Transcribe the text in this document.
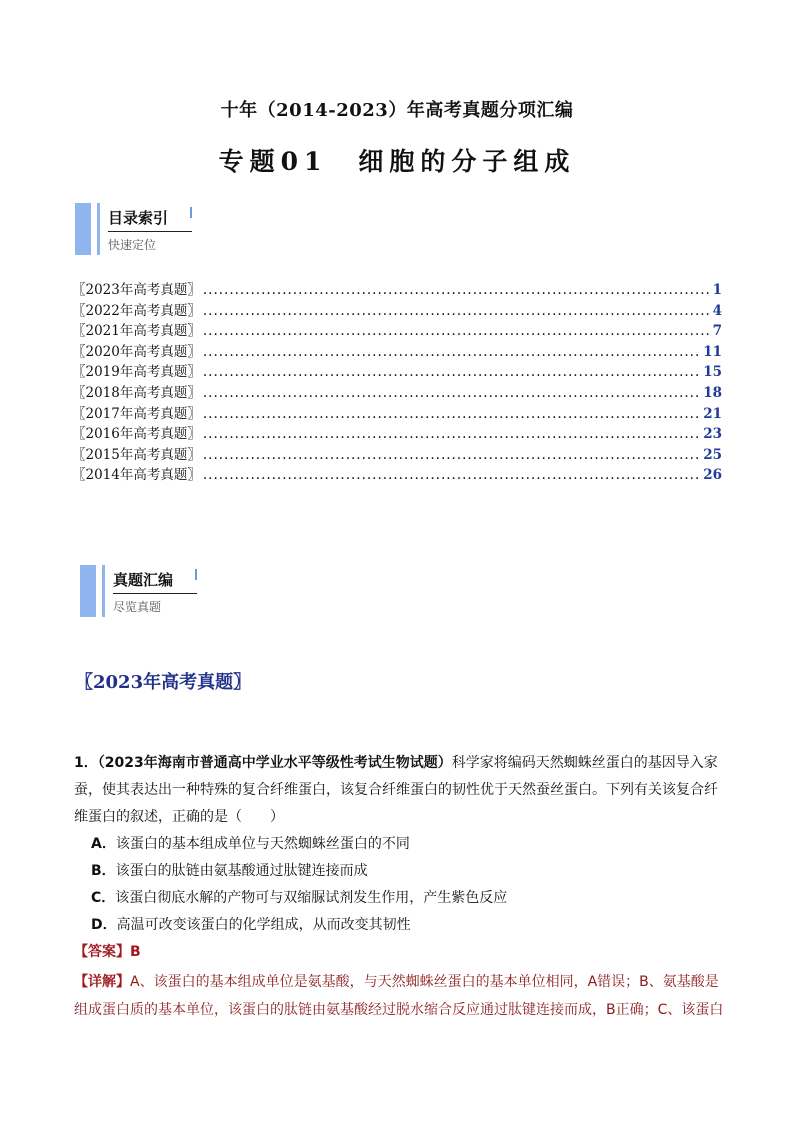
十年（2014-2023）年高考真题分项汇编
专题01　细胞的分子组成
目录索引
快速定位
〖2023年高考真题〗 .....	1
〖2022年高考真题〗 .....	4
〖2021年高考真题〗 .....	7
〖2020年高考真题〗 .....	11
〖2019年高考真题〗 .....	15
〖2018年高考真题〗 .....	18
〖2017年高考真题〗 .....	21
〖2016年高考真题〗 .....	23
〖2015年高考真题〗 .....	25
〖2014年高考真题〗 .....	26
真题汇编
尽览真题
〖2023年高考真题〗
1．（2023年海南市普通高中学业水平等级性考试生物试题）科学家将编码天然蜘蛛丝蛋白的基因导入家蚕，使其表达出一种特殊的复合纤维蛋白，该复合纤维蛋白的韧性优于天然蚕丝蛋白。下列有关该复合纤维蛋白的叙述，正确的是（　　）
A．该蛋白的基本组成单位与天然蜘蛛丝蛋白的不同
B．该蛋白的肽链由氨基酸通过肽键连接而成
C．该蛋白彻底水解的产物可与双缩脲试剂发生作用，产生紫色反应
D．高温可改变该蛋白的化学组成，从而改变其韧性
【答案】B
【详解】A、该蛋白的基本组成单位是氨基酸，与天然蜘蛛丝蛋白的基本单位相同，A错误；B、氨基酸是组成蛋白质的基本单位，该蛋白的肽链由氨基酸经过脱水缩合反应通过肽键连接而成，B正确；C、该蛋白
